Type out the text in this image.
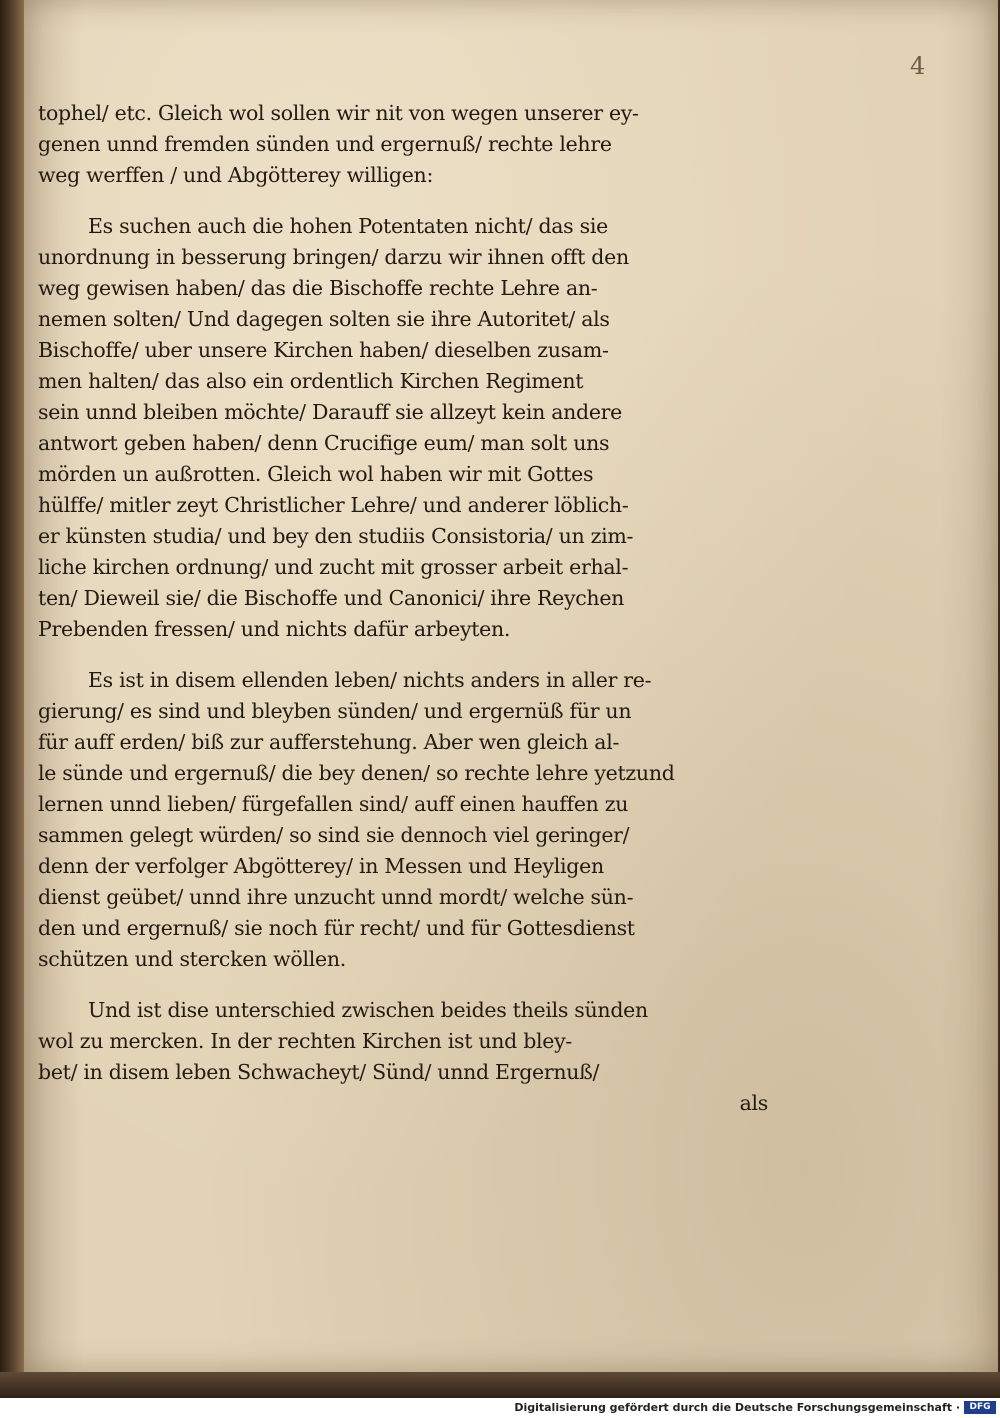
4
tophel/ etc. Gleich wol sollen wir nit von wegen unserer ey-
genen unnd fremden sünden und ergernuß/ rechte lehre
weg werffen / und Abgötterey willigen:
Es suchen auch die hohen Potentaten nicht/ das sie
unordnung in besserung bringen/ darzu wir ihnen offt den
weg gewisen haben/ das die Bischoffe rechte Lehre an-
nemen solten/ Und dagegen solten sie ihre Autoritet/ als
Bischoffe/ uber unsere Kirchen haben/ dieselben zusam-
men halten/ das also ein ordentlich Kirchen Regiment
sein unnd bleiben möchte/ Darauff sie allzeyt kein andere
antwort geben haben/ denn Crucifige eum/ man solt uns
mörden un außrotten. Gleich wol haben wir mit Gottes
hülffe/ mitler zeyt Christlicher Lehre/ und anderer löblich-
er künsten studia/ und bey den studiis Consistoria/ un zim-
liche kirchen ordnung/ und zucht mit grosser arbeit erhal-
ten/ Dieweil sie/ die Bischoffe und Canonici/ ihre Reychen
Prebenden fressen/ und nichts dafür arbeyten.
Es ist in disem ellenden leben/ nichts anders in aller re-
gierung/ es sind und bleyben sünden/ und ergernüß für un
für auff erden/ biß zur aufferstehung. Aber wen gleich al-
le sünde und ergernuß/ die bey denen/ so rechte lehre yetzund
lernen unnd lieben/ fürgefallen sind/ auff einen hauffen zu
sammen gelegt würden/ so sind sie dennoch viel geringer/
denn der verfolger Abgötterey/ in Messen und Heyligen
dienst geübet/ unnd ihre unzucht unnd mordt/ welche sün-
den und ergernuß/ sie noch für recht/ und für Gottesdienst
schützen und stercken wöllen.
Und ist dise unterschied zwischen beides theils sünden
wol zu mercken. In der rechten Kirchen ist und bley-
bet/ in disem leben Schwacheyt/ Sünd/ unnd Ergernuß/
als
Digitalisierung gefördert durch die Deutsche Forschungsgemeinschaft ·	DFG
